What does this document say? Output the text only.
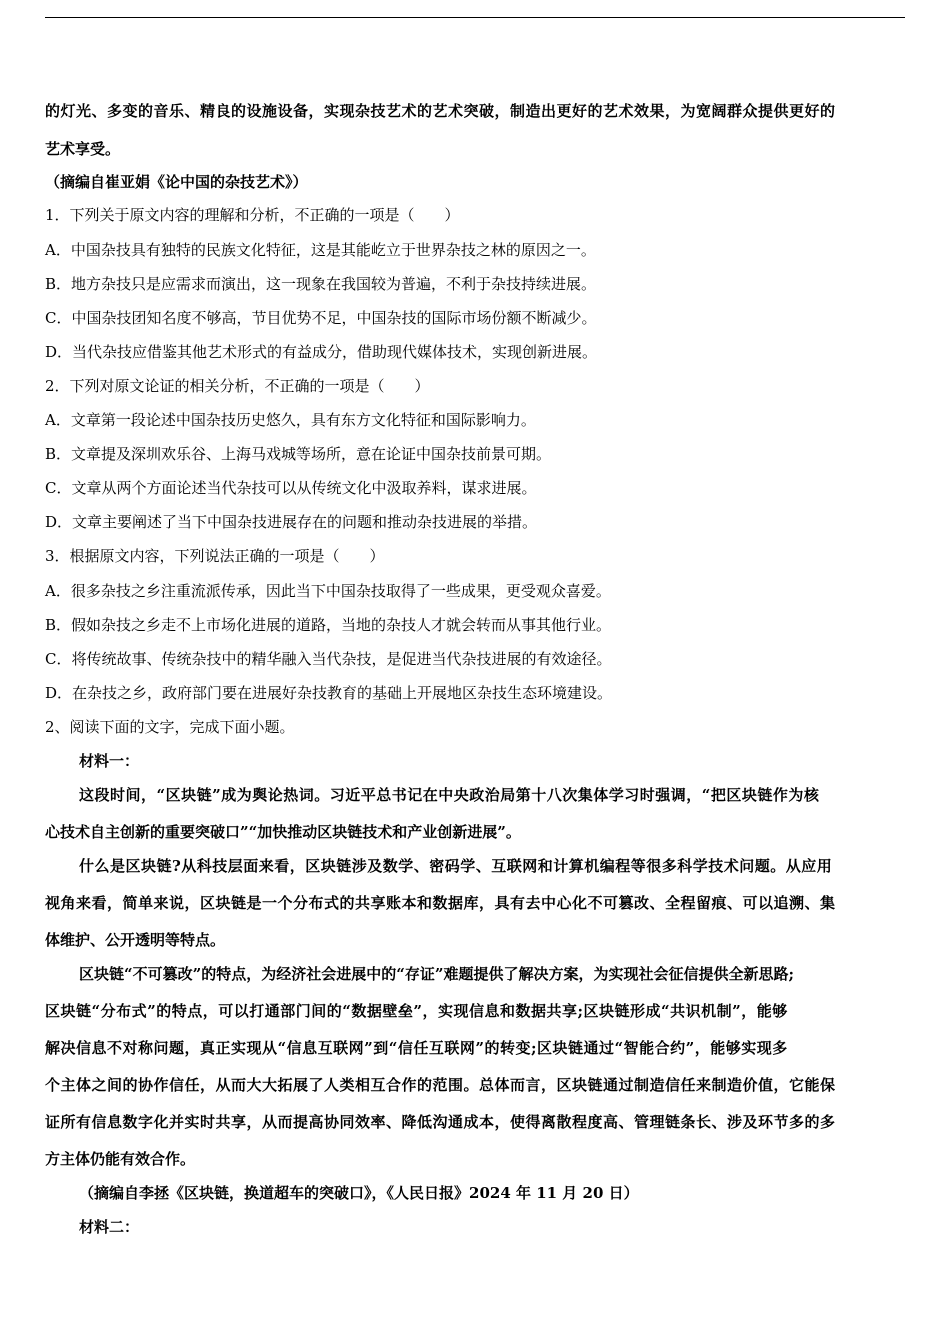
的灯光、多变的音乐、精良的设施设备，实现杂技艺术的艺术突破，制造出更好的艺术效果，为宽阔群众提供更好的
艺术享受。
（摘编自崔亚娟《论中国的杂技艺术》）
1．下列关于原文内容的理解和分析，不正确的一项是（　　）
A．中国杂技具有独特的民族文化特征，这是其能屹立于世界杂技之林的原因之一。
B．地方杂技只是应需求而演出，这一现象在我国较为普遍，不利于杂技持续进展。
C．中国杂技团知名度不够高，节目优势不足，中国杂技的国际市场份额不断减少。
D．当代杂技应借鉴其他艺术形式的有益成分，借助现代媒体技术，实现创新进展。
2．下列对原文论证的相关分析，不正确的一项是（　　）
A．文章第一段论述中国杂技历史悠久，具有东方文化特征和国际影响力。
B．文章提及深圳欢乐谷、上海马戏城等场所，意在论证中国杂技前景可期。
C．文章从两个方面论述当代杂技可以从传统文化中汲取养料，谋求进展。
D．文章主要阐述了当下中国杂技进展存在的问题和推动杂技进展的举措。
3．根据原文内容，下列说法正确的一项是（　　）
A．很多杂技之乡注重流派传承，因此当下中国杂技取得了一些成果，更受观众喜爱。
B．假如杂技之乡走不上市场化进展的道路，当地的杂技人才就会转而从事其他行业。
C．将传统故事、传统杂技中的精华融入当代杂技，是促进当代杂技进展的有效途径。
D．在杂技之乡，政府部门要在进展好杂技教育的基础上开展地区杂技生态环境建设。
2、阅读下面的文字，完成下面小题。
材料一：
这段时间，“区块链”成为舆论热词。习近平总书记在中央政治局第十八次集体学习时强调，“把区块链作为核
心技术自主创新的重要突破口”“加快推动区块链技术和产业创新进展”。
什么是区块链?从科技层面来看，区块链涉及数学、密码学、互联网和计算机编程等很多科学技术问题。从应用
视角来看，简单来说，区块链是一个分布式的共享账本和数据库，具有去中心化不可篡改、全程留痕、可以追溯、集
体维护、公开透明等特点。
区块链“不可篡改”的特点，为经济社会进展中的“存证”难题提供了解决方案，为实现社会征信提供全新思路;
区块链“分布式”的特点，可以打通部门间的“数据壁垒”，实现信息和数据共享;区块链形成“共识机制”，能够
解决信息不对称问题，真正实现从“信息互联网”到“信任互联网”的转变;区块链通过“智能合约”，能够实现多
个主体之间的协作信任，从而大大拓展了人类相互合作的范围。总体而言，区块链通过制造信任来制造价值，它能保
证所有信息数字化并实时共享，从而提高协同效率、降低沟通成本，使得离散程度高、管理链条长、涉及环节多的多
方主体仍能有效合作。
（摘编自李拯《区块链，换道超车的突破口》，《人民日报》2024 年 11 月 20 日）
材料二：
